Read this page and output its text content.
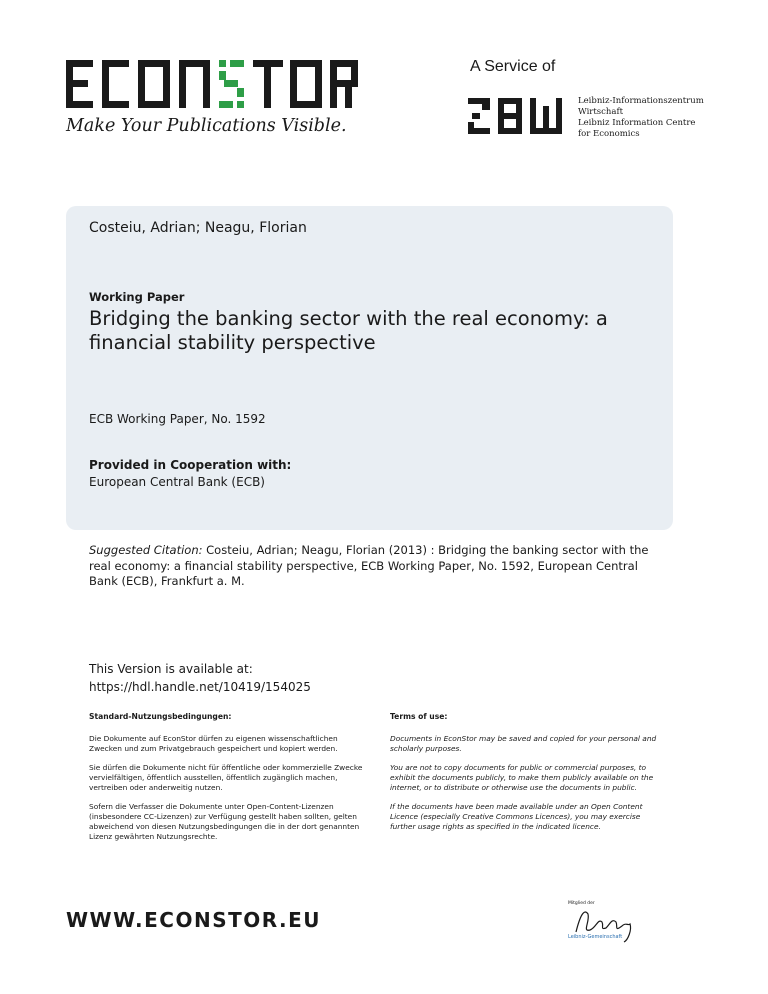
Make Your Publications Visible.
A Service of
Leibniz-Informationszentrum
Wirtschaft
Leibniz Information Centre
for Economics
Costeiu, Adrian; Neagu, Florian
Working Paper
Bridging the banking sector with the real economy: a financial stability perspective
ECB Working Paper, No. 1592
Provided in Cooperation with:
European Central Bank (ECB)
Suggested Citation: Costeiu, Adrian; Neagu, Florian (2013) : Bridging the banking sector with the real economy: a financial stability perspective, ECB Working Paper, No. 1592, European Central Bank (ECB), Frankfurt a. M.
This Version is available at:
https://hdl.handle.net/10419/154025
Standard-Nutzungsbedingungen:

Die Dokumente auf EconStor dürfen zu eigenen wissenschaftlichen Zwecken und zum Privatgebrauch gespeichert und kopiert werden.

Sie dürfen die Dokumente nicht für öffentliche oder kommerzielle Zwecke vervielfältigen, öffentlich ausstellen, öffentlich zugänglich machen, vertreiben oder anderweitig nutzen.

Sofern die Verfasser die Dokumente unter Open-Content-Lizenzen (insbesondere CC-Lizenzen) zur Verfügung gestellt haben sollten, gelten abweichend von diesen Nutzungsbedingungen die in der dort genannten Lizenz gewährten Nutzungsrechte.

Terms of use:

Documents in EconStor may be saved and copied for your personal and scholarly purposes.

You are not to copy documents for public or commercial purposes, to exhibit the documents publicly, to make them publicly available on the internet, or to distribute or otherwise use the documents in public.

If the documents have been made available under an Open Content Licence (especially Creative Commons Licences), you may exercise further usage rights as specified in the indicated licence.

WWW.ECONSTOR.EU
Mitglied der
Leibniz-Gemeinschaft
